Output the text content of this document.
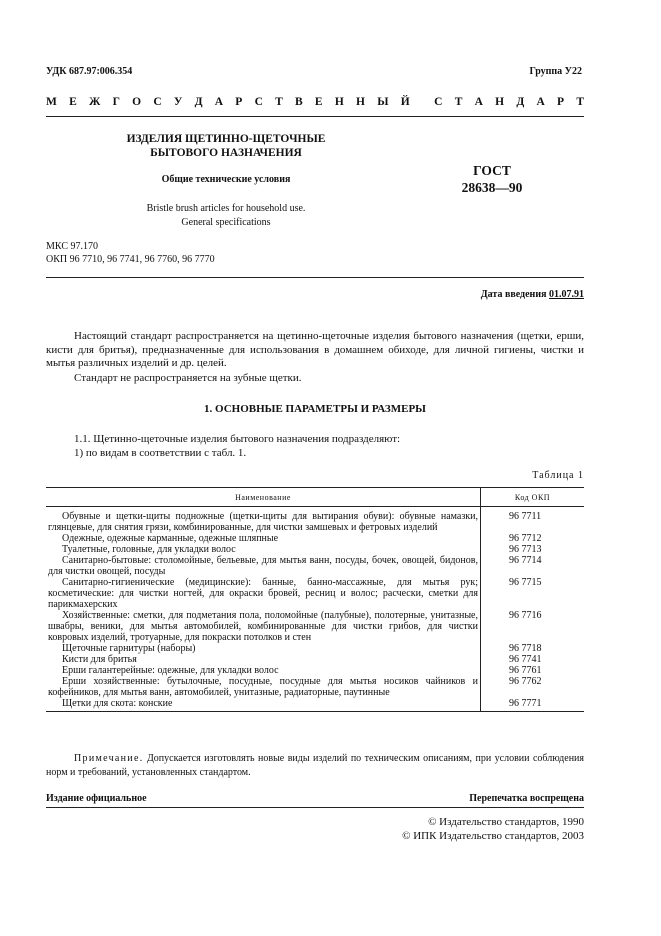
УДК 687.97:006.354	Группа У22
М Е Ж Г О С У Д А Р С Т В Е Н Н Ы Й С Т А Н Д А Р Т
ИЗДЕЛИЯ ЩЕТИННО-ЩЕТОЧНЫЕ
БЫТОВОГО НАЗНАЧЕНИЯ
Общие технические условия
ГОСТ
28638—90
Bristle brush articles for household use.
General specifications
МКС 97.170
ОКП 96 7710, 96 7741, 96 7760, 96 7770
Дата введения 01.07.91
Настоящий стандарт распространяется на щетинно-щеточные изделия бытового назначения (щетки, ерши, кисти для бритья), предназначенные для использования в домашнем обиходе, для личной гигиены, чистки и мытья различных изделий и др. целей.
Стандарт не распространяется на зубные щетки.
1. ОСНОВНЫЕ ПАРАМЕТРЫ И РАЗМЕРЫ
1.1. Щетинно-щеточные изделия бытового назначения подразделяют:
1) по видам в соответствии с табл. 1.
Таблица 1
Наименование	Код ОКП

Обувные и щетки-щиты подножные (щетки-щиты для вытирания обуви): обувные намазки, глянцевые, для снятия грязи, комбинированные, для чистки замшевых и фетровых изделий	96 7711

Одежные, одежные карманные, одежные шляпные	96 7712

Туалетные, головные, для укладки волос	96 7713

Санитарно-бытовые: столомойные, бельевые, для мытья ванн, посуды, бочек, овощей, бидонов, для чистки овощей, посуды	96 7714

Санитарно-гигиенические (медицинские): банные, банно-массажные, для мытья рук; косметические: для чистки ногтей, для окраски бровей, ресниц и волос; расчески, сметки для парикмахерских	96 7715

Хозяйственные: сметки, для подметания пола, поломойные (палубные), полотерные, унитазные, швабры, веники, для мытья автомобилей, комбинированные для чистки грибов, для чистки ковровых изделий, тротуарные, для покраски потолков и стен	96 7716

Щеточные гарнитуры (наборы)	96 7718

Кисти для бритья	96 7741

Ерши галантерейные: одежные, для укладки волос	96 7761

Ерши хозяйственные: бутылочные, посудные, посудные для мытья носиков чайников и кофейников, для мытья ванн, автомобилей, унитазные, радиаторные, паутинные	96 7762

Щетки для скота: конские	96 7771
Примечание. Допускается изготовлять новые виды изделий по техническим описаниям, при условии соблюдения норм и требований, установленных стандартом.
Издание официальное	Перепечатка воспрещена
© Издательство стандартов, 1990
© ИПК Издательство стандартов, 2003
